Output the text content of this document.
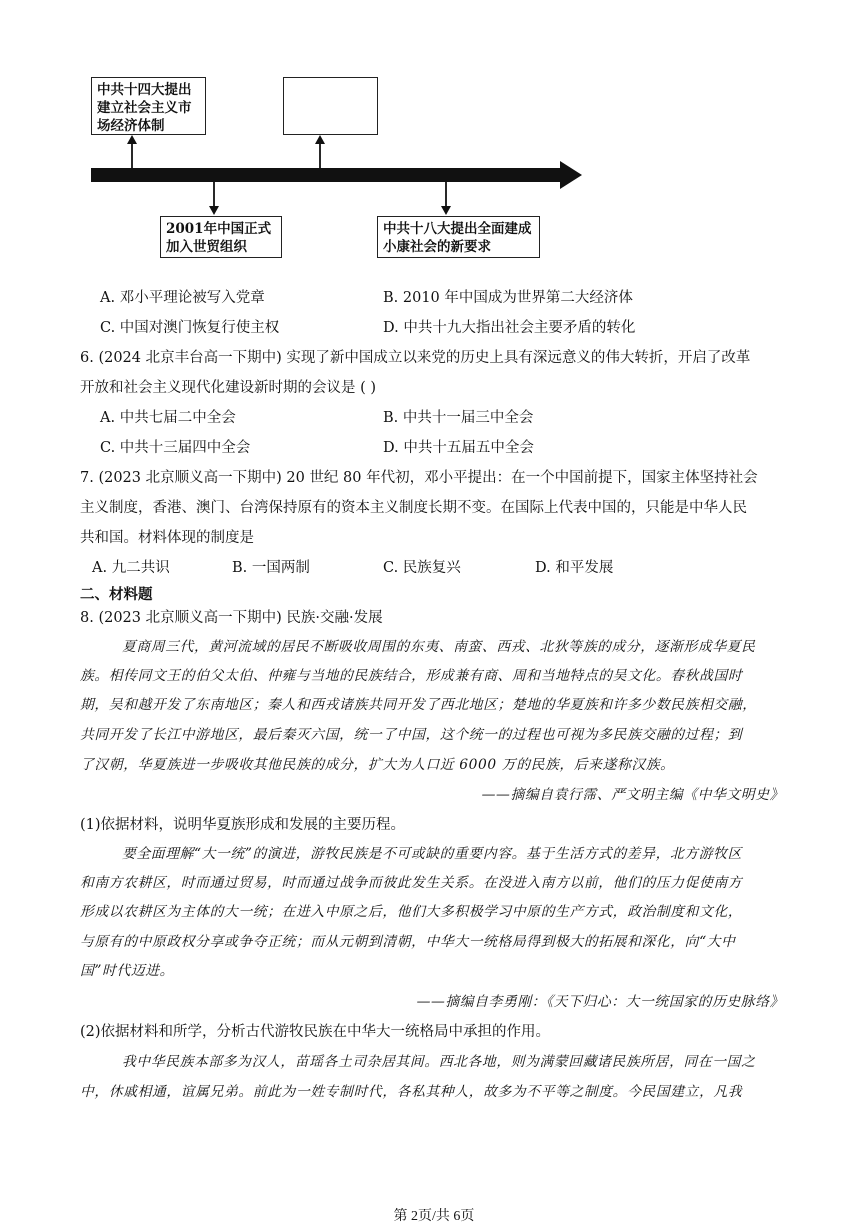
中共十四大提出建立社会主义市场经济体制
2001年中国正式加入世贸组织
中共十八大提出全面建成小康社会的新要求
A. 邓小平理论被写入党章	B. 2010 年中国成为世界第二大经济体
C. 中国对澳门恢复行使主权	D. 中共十九大指出社会主要矛盾的转化
6. (2024 北京丰台高一下期中) 实现了新中国成立以来党的历史上具有深远意义的伟大转折，开启了改革
开放和社会主义现代化建设新时期的会议是 ( )
A. 中共七届二中全会	B. 中共十一届三中全会
C. 中共十三届四中全会	D. 中共十五届五中全会
7. (2023 北京顺义高一下期中) 20 世纪 80 年代初，邓小平提出：在一个中国前提下，国家主体坚持社会
主义制度，香港、澳门、台湾保持原有的资本主义制度长期不变。在国际上代表中国的，只能是中华人民
共和国。材料体现的制度是
A. 九二共识	B. 一国两制	C. 民族复兴	D. 和平发展
二、材料题
8. (2023 北京顺义高一下期中) 民族·交融·发展
夏商周三代，黄河流域的居民不断吸收周围的东夷、南蛮、西戎、北狄等族的成分，逐渐形成华夏民
族。相传同文王的伯父太伯、仲雍与当地的民族结合，形成兼有商、周和当地特点的吴文化。春秋战国时
期，吴和越开发了东南地区；秦人和西戎诸族共同开发了西北地区；楚地的华夏族和许多少数民族相交融，
共同开发了长江中游地区，最后秦灭六国，统一了中国，这个统一的过程也可视为多民族交融的过程；到
了汉朝，华夏族进一步吸收其他民族的成分，扩大为人口近 6000 万的民族，后来遂称汉族。
——摘编自袁行霈、严文明主编《中华文明史》
(1)依据材料，说明华夏族形成和发展的主要历程。
要全面理解“大一统”的演进，游牧民族是不可或缺的重要内容。基于生活方式的差异，北方游牧区
和南方农耕区，时而通过贸易，时而通过战争而彼此发生关系。在没进入南方以前，他们的压力促使南方
形成以农耕区为主体的大一统；在进入中原之后，他们大多积极学习中原的生产方式，政治制度和文化，
与原有的中原政权分享或争夺正统；而从元朝到清朝，中华大一统格局得到极大的拓展和深化，向“大中
国”时代迈进。
——摘编自李勇刚：《天下归心：大一统国家的历史脉络》
(2)依据材料和所学，分析古代游牧民族在中华大一统格局中承担的作用。
我中华民族本部多为汉人，苗瑶各土司杂居其间。西北各地，则为满蒙回藏诸民族所居，同在一国之
中，休戚相通，谊属兄弟。前此为一姓专制时代，各私其种人，故多为不平等之制度。今民国建立，凡我
第 2页/共 6页
